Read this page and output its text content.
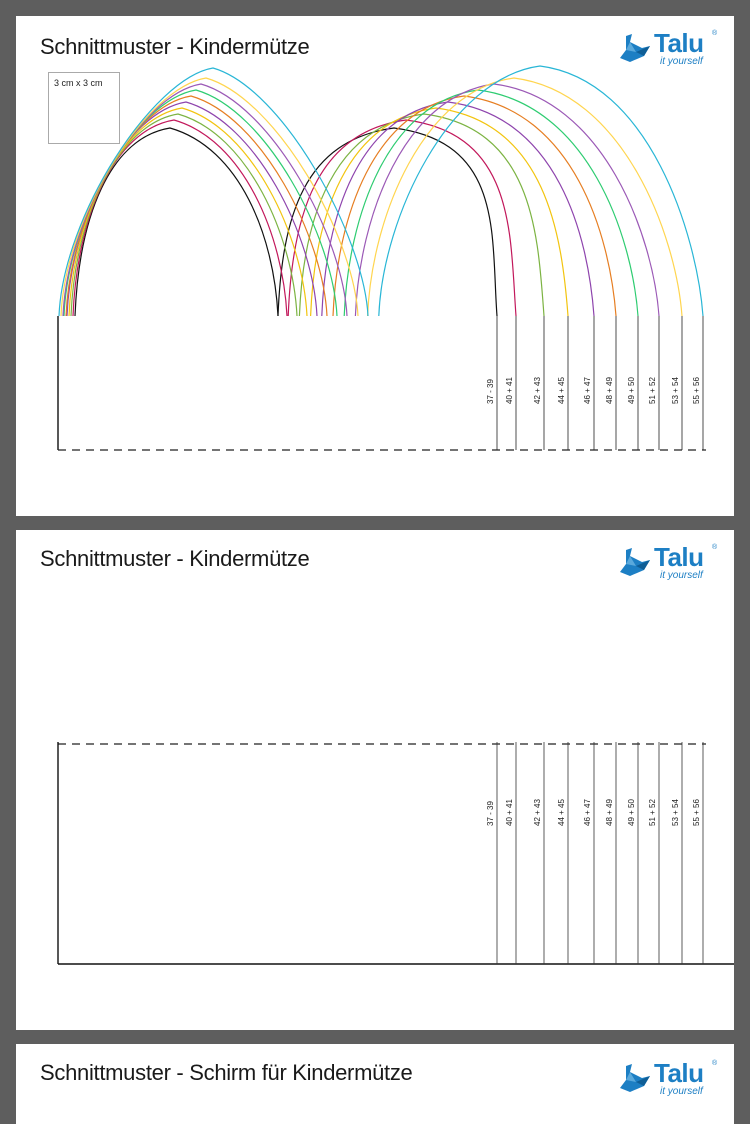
Schnittmuster - Kindermütze	Talu ®
it yourself
3 cm x 3 cm
37 - 39 40 + 41 42 + 43 44 + 45 46 + 47 48 + 49 49 + 50 51 + 52 53 + 54 55 + 56
Schnittmuster - Kindermütze	Talu ®
it yourself
37 - 39 40 + 41 42 + 43 44 + 45 46 + 47 48 + 49 49 + 50 51 + 52 53 + 54 55 + 56
Schnittmuster - Schirm für Kindermütze	Talu ®
it yourself
